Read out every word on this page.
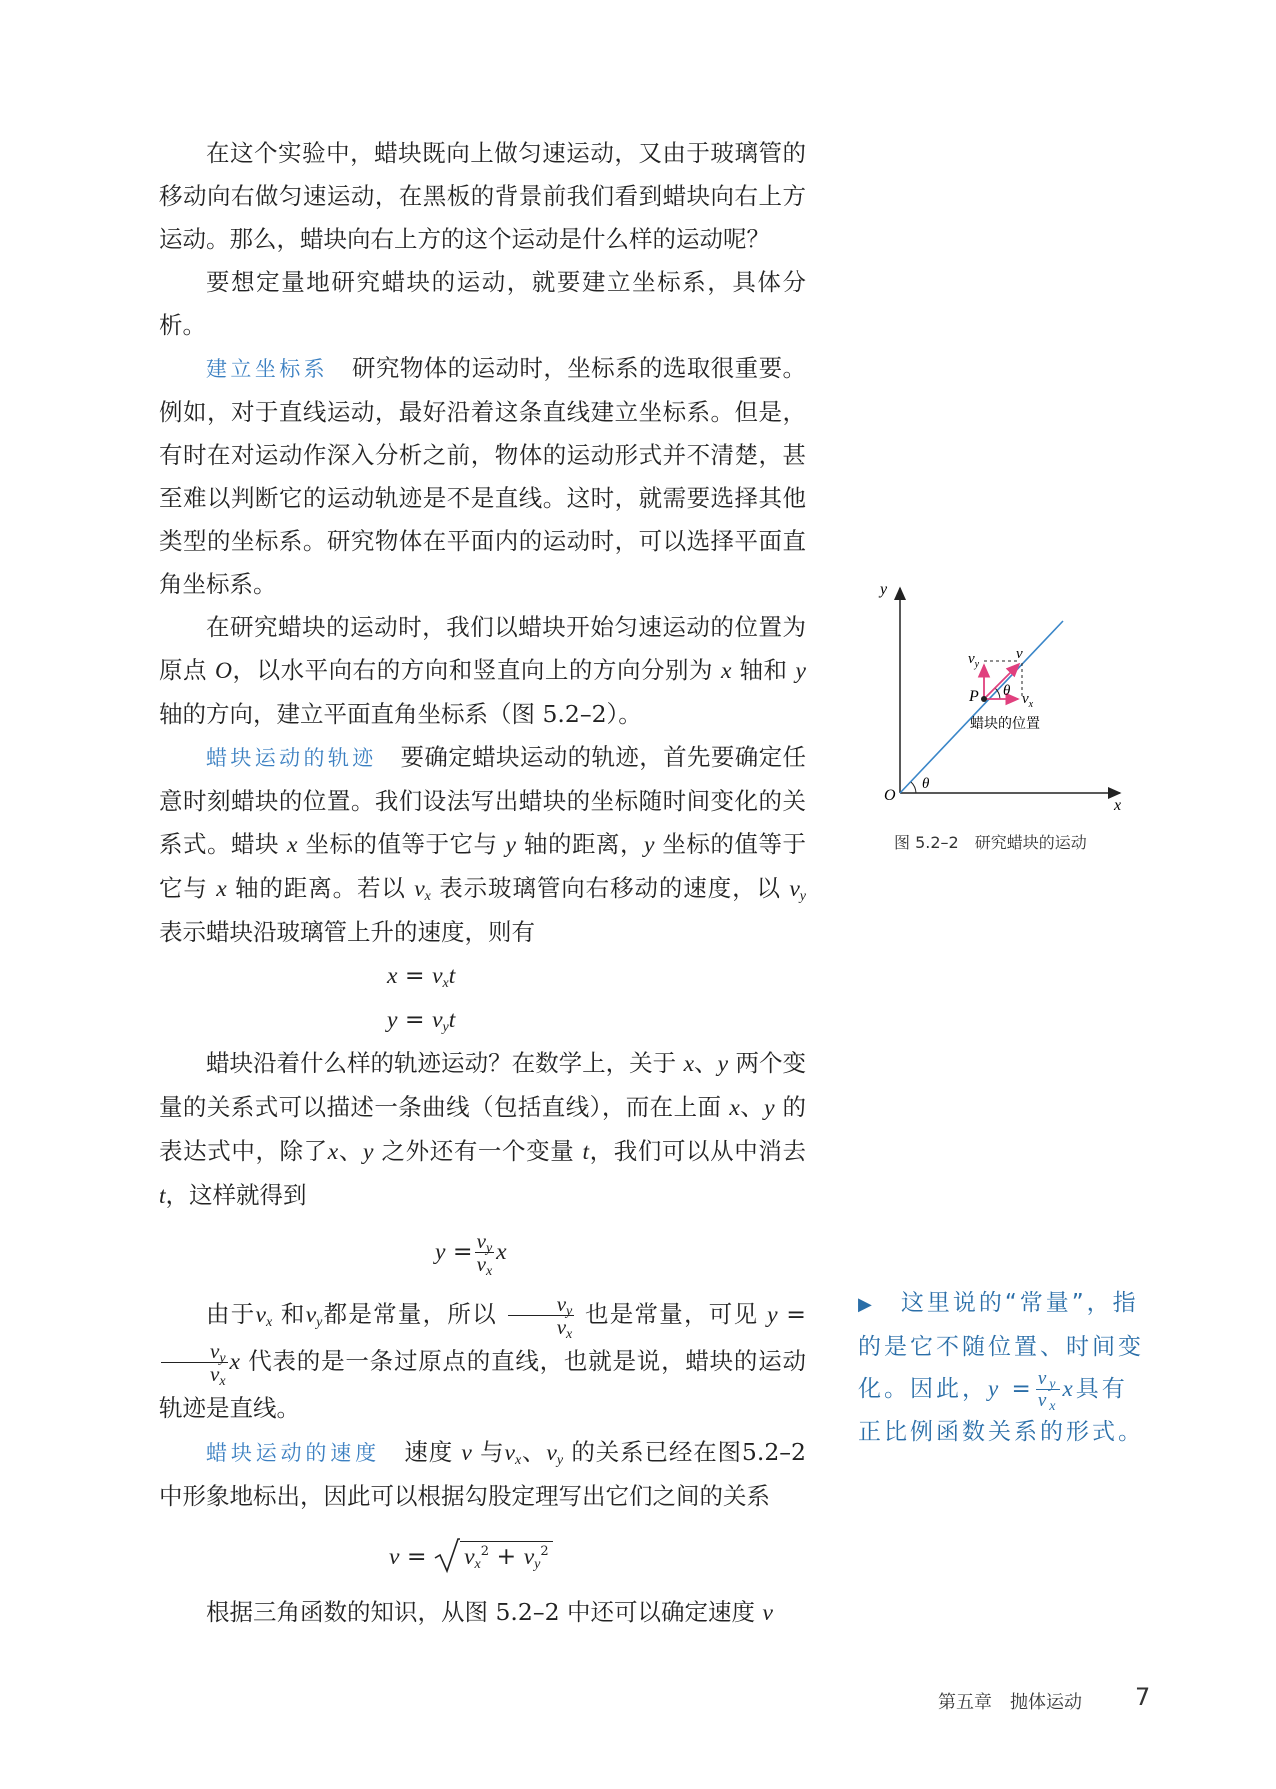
在这个实验中，蜡块既向上做匀速运动，又由于玻璃管的移动向右做匀速运动，在黑板的背景前我们看到蜡块向右上方运动。那么，蜡块向右上方的这个运动是什么样的运动呢？

要想定量地研究蜡块的运动，就要建立坐标系，具体分析。

建立坐标系　 研究物体的运动时，坐标系的选取很重要。例如，对于直线运动，最好沿着这条直线建立坐标系。但是，有时在对运动作深入分析之前，物体的运动形式并不清楚，甚至难以判断它的运动轨迹是不是直线。这时，就需要选择其他类型的坐标系。研究物体在平面内的运动时，可以选择平面直角坐标系。

在研究蜡块的运动时，我们以蜡块开始匀速运动的位置为原点 O，以水平向右的方向和竖直向上的方向分别为 x 轴和 y 轴的方向，建立平面直角坐标系（图 5.2–2）。

蜡块运动的轨迹　 要确定蜡块运动的轨迹，首先要确定任意时刻蜡块的位置。我们设法写出蜡块的坐标随时间变化的关系式。蜡块 x 坐标的值等于它与 y 轴的距离，y 坐标的值等于它与 x 轴的距离。若以 $v_x$ 表示玻璃管向右移动的速度，以 $v_y$ 表示蜡块沿玻璃管上升的速度，则有

$x = v_xt$

$y = v_yt$

蜡块沿着什么样的轨迹运动？在数学上，关于 x、y 两个变量的关系式可以描述一条曲线（包括直线），而在上面 x、y 的表达式中，除了x、y 之外还有一个变量 t，我们可以从中消去 t，这样就得到

$y = \frac{v_y}{v_x}$ x

由于$v_x$ 和$v_y$都是常量，所以 $\frac{v_y}{v_x}$ 也是常量，可见 y =
$\frac{v_y}{v_x}$ x 代表的是一条过原点的直线，也就是说，蜡块的运动轨迹是直线。

蜡块运动的速度　 速度 v 与$v_x$、$v_y$ 的关系已经在图5.2–2中形象地标出，因此可以根据勾股定理写出它们之间的关系

$v = v_x^2 + v_y^2$

根据三角函数的知识，从图 5.2–2 中还可以确定速度 v

y
x
O
θ
P θ
v
$v_y$
$v_x$
蜡块的位置
图 5.2–2　研究蜡块的运动
▶　 这里说的“常量”，指的是它不随位置、时间变化。因此，$y = \frac{v_y}{v_x}$ x具有正比例函数关系的形式。
第五章　抛体运动 7
